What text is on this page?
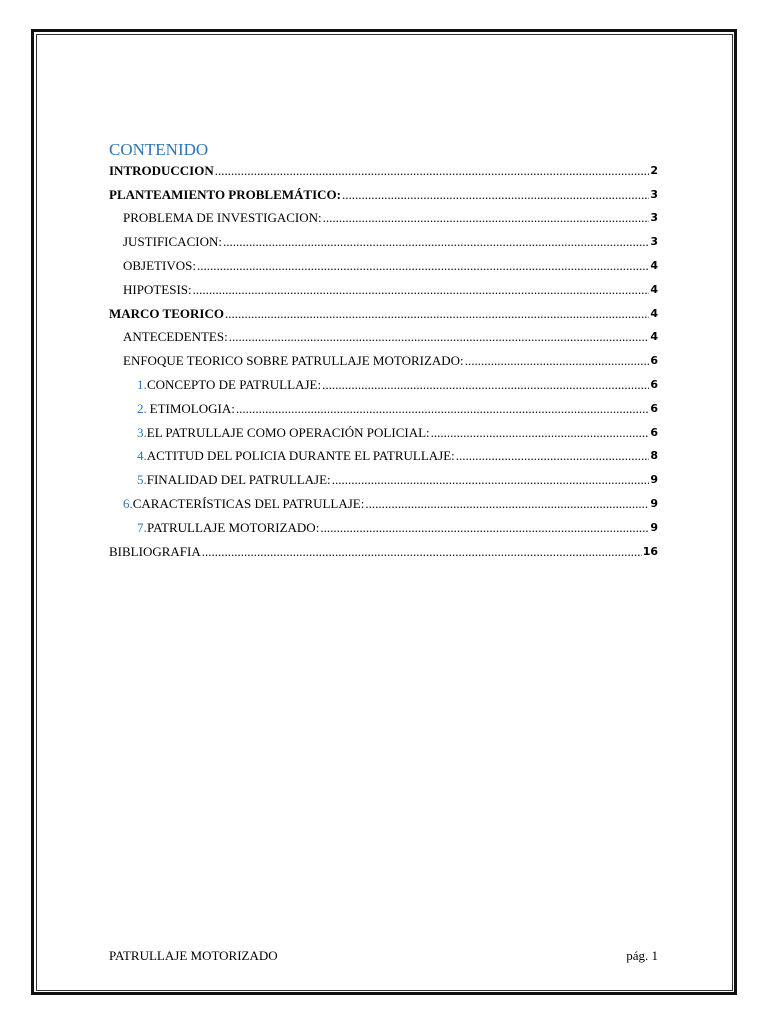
CONTENIDO
INTRODUCCION .....	2
PLANTEAMIENTO PROBLEMÁTICO: .....	3
PROBLEMA DE INVESTIGACION: .....	3
JUSTIFICACION: .....	3
OBJETIVOS: .....	4
HIPOTESIS: .....	4
MARCO TEORICO .....	4
ANTECEDENTES: .....	4
ENFOQUE TEORICO SOBRE PATRULLAJE MOTORIZADO: .....	6
1. CONCEPTO DE PATRULLAJE: .....	6
2. ETIMOLOGIA: .....	6
3. EL PATRULLAJE COMO OPERACIÓN POLICIAL: .....	6
4. ACTITUD DEL POLICIA DURANTE EL PATRULLAJE: .....	8
5. FINALIDAD DEL PATRULLAJE: .....	9
6. CARACTERÍSTICAS DEL PATRULLAJE: .....	9
7. PATRULLAJE MOTORIZADO: .....	9
BIBLIOGRAFIA .....	16
PATRULLAJE MOTORIZADO	pág. 1
